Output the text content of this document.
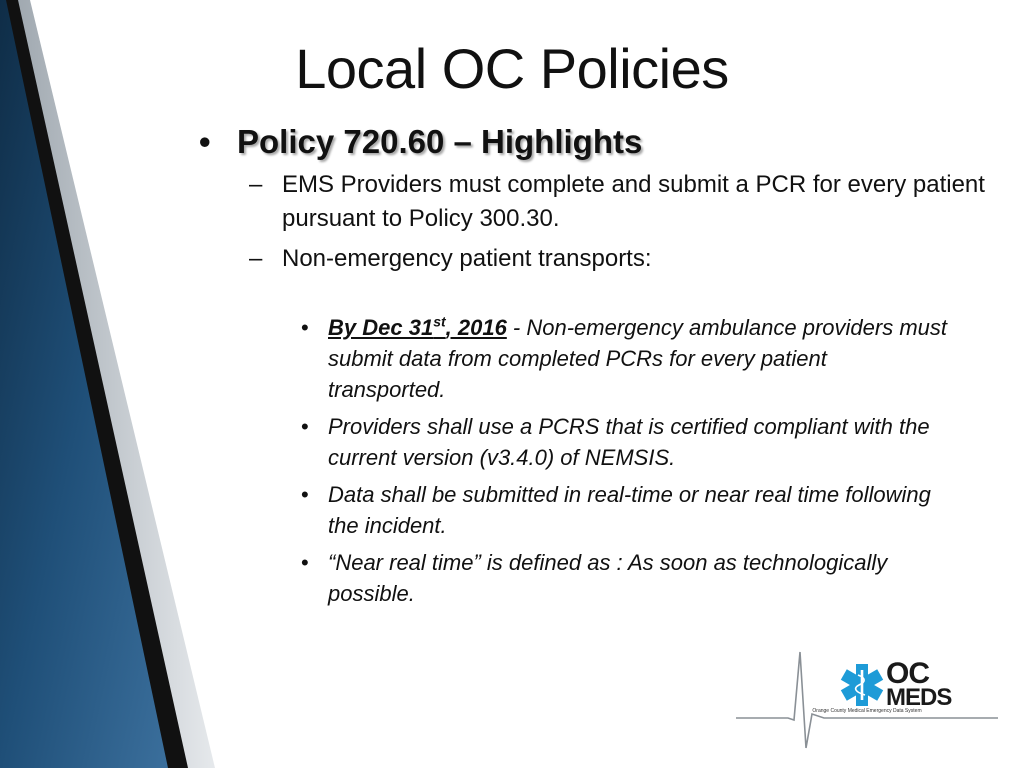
Local OC Policies
• Policy 720.60 – Highlights
– EMS Providers must complete and submit a PCR for every patient pursuant to Policy 300.30.
– Non-emergency patient transports:
• By Dec 31st, 2016 - Non-emergency ambulance providers must submit data from completed PCRs for every patient transported.
• Providers shall use a PCRS that is certified compliant with the current version (v3.4.0) of NEMSIS.
• Data shall be submitted in real-time or near real time following the incident.
• “Near real time” is defined as : As soon as technologically possible.
OC
MEDS
Orange County Medical Emergency Data System
